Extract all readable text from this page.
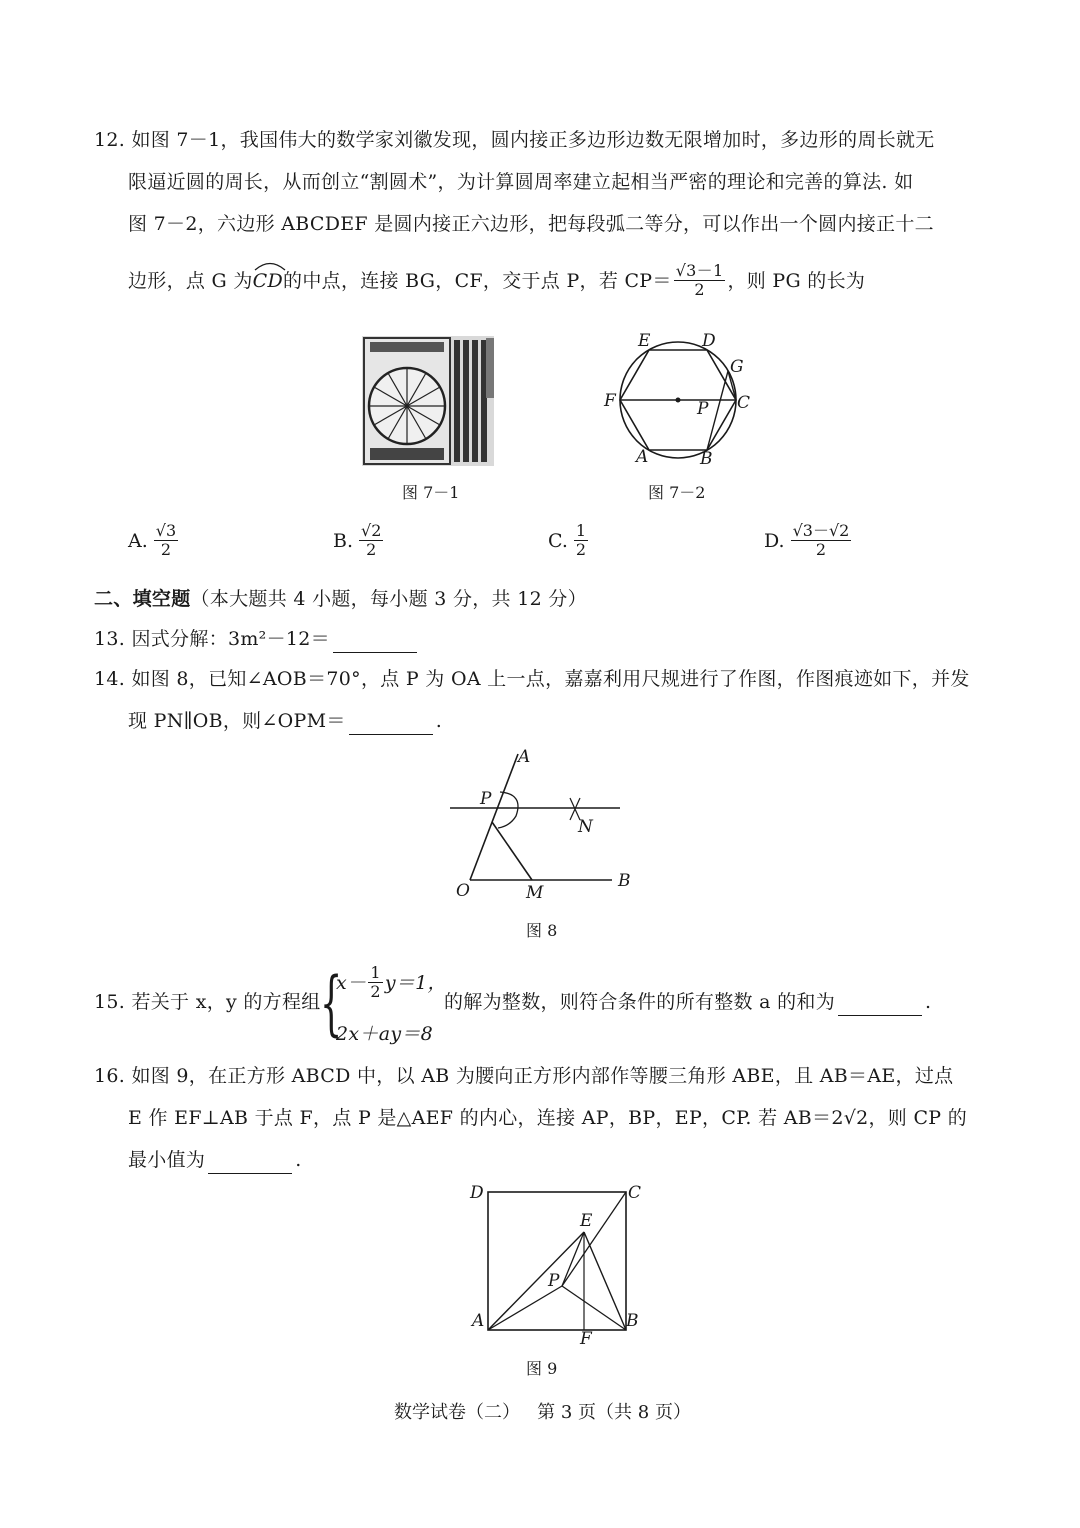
12. 如图 7－1，我国伟大的数学家刘徽发现，圆内接正多边形边数无限增加时，多边形的周长就无
限逼近圆的周长，从而创立“割圆术”，为计算圆周率建立起相当严密的理论和完善的算法. 如
图 7－2，六边形 ABCDEF 是圆内接正六边形，把每段弧二等分，可以作出一个圆内接正十二
边形，点 G 为 CD 的中点，连接 BG，CF，交于点 P，若 $CP= \frac{√3-1}{2}$ ，则 PG 的长为
图 7－1
E	D
G
F	P C
A	B
图 7－2
A. $\frac{√3}{2}$	B. $\frac{√2}{2}$	C. $\frac{1}{2}$	D. $\frac{√3-√2}{2}$
二、填空题（本大题共 4 小题，每小题 3 分，共 12 分）
13. 因式分解：3m²－12＝
14. 如图 8，已知∠AOB＝70°，点 P 为 OA 上一点，嘉嘉利用尺规进行了作图，作图痕迹如下，并发
现 PN∥OB，则∠OPM＝	.
A
P
N
O	M
B
图 8
15. 若关于 x，y 的方程组 {
$x- \frac{1}{2} y=1$，
2x＋ay＝8
的解为整数，则符合条件的所有整数 a 的和为	.
16. 如图 9，在正方形 ABCD 中，以 AB 为腰向正方形内部作等腰三角形 ABE，且 AB＝AE，过点
E 作 EF⊥AB 于点 F，点 P 是△AEF 的内心，连接 AP，BP，EP，CP. 若 AB＝2√2，则 CP 的
最小值为	.
D	C
E
P
A	B
F
图 9
数学试卷（二）   第 3 页（共 8 页）
